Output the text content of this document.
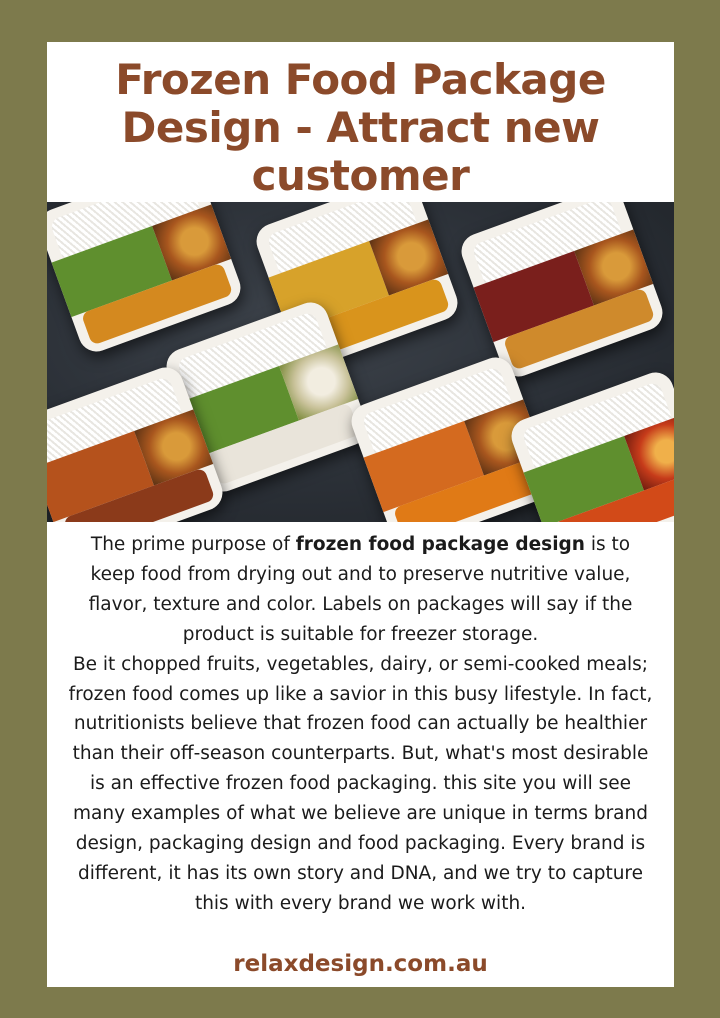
Frozen Food Package
Design - Attract new
customer

The prime purpose of frozen food package design is to keep food from drying out and to preserve nutritive value, flavor, texture and color. Labels on packages will say if the product is suitable for freezer storage.
Be it chopped fruits, vegetables, dairy, or semi-cooked meals; frozen food comes up like a savior in this busy lifestyle. In fact, nutritionists believe that frozen food can actually be healthier than their off-season counterparts. But, what's most desirable is an effective frozen food packaging. this site you will see many examples of what we believe are unique in terms brand design, packaging design and food packaging. Every brand is different, it has its own story and DNA, and we try to capture this with every brand we work with.

relaxdesign.com.au
